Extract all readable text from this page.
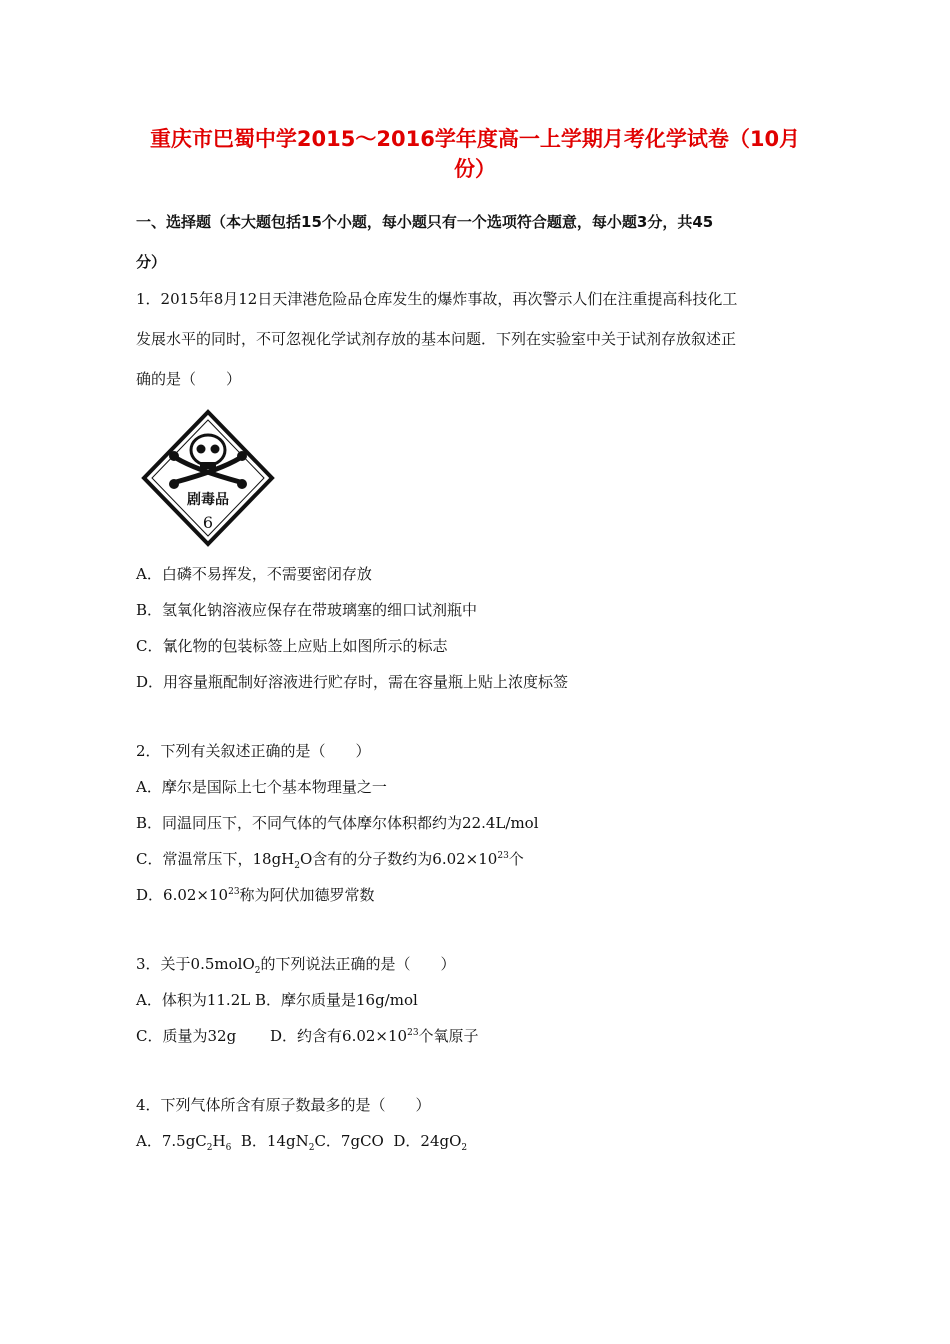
重庆市巴蜀中学2015～2016学年度高一上学期月考化学试卷（10月
份）
一、选择题（本大题包括15个小题，每小题只有一个选项符合题意，每小题3分，共45
分）
1．2015年8月12日天津港危险品仓库发生的爆炸事故，再次警示人们在注重提高科技化工
发展水平的同时，不可忽视化学试剂存放的基本问题．下列在实验室中关于试剂存放叙述正
确的是（　　）
剧毒品
6
A．白磷不易挥发，不需要密闭存放
B．氢氧化钠溶液应保存在带玻璃塞的细口试剂瓶中
C．氰化物的包装标签上应贴上如图所示的标志
D．用容量瓶配制好溶液进行贮存时，需在容量瓶上贴上浓度标签
2．下列有关叙述正确的是（　　）
A．摩尔是国际上七个基本物理量之一
B．同温同压下，不同气体的气体摩尔体积都约为22.4L/mol
C．常温常压下，$18gH_2O$含有的分子数约为$6.02\times 10^{23}$个
D．$6.02\times 10^{23}$称为阿伏加德罗常数
3．关于0.5molO$_2$的下列说法正确的是（　　）
A．体积为11.2L B．摩尔质量是16g/mol
C．质量为32g D．约含有$6.02\times 10^{23}$个氧原子
4．下列气体所含有原子数最多的是（　　）
A．$7.5gC_2H_6$  B．$14gN_2C$．7gCO  D．$24gO_2$
